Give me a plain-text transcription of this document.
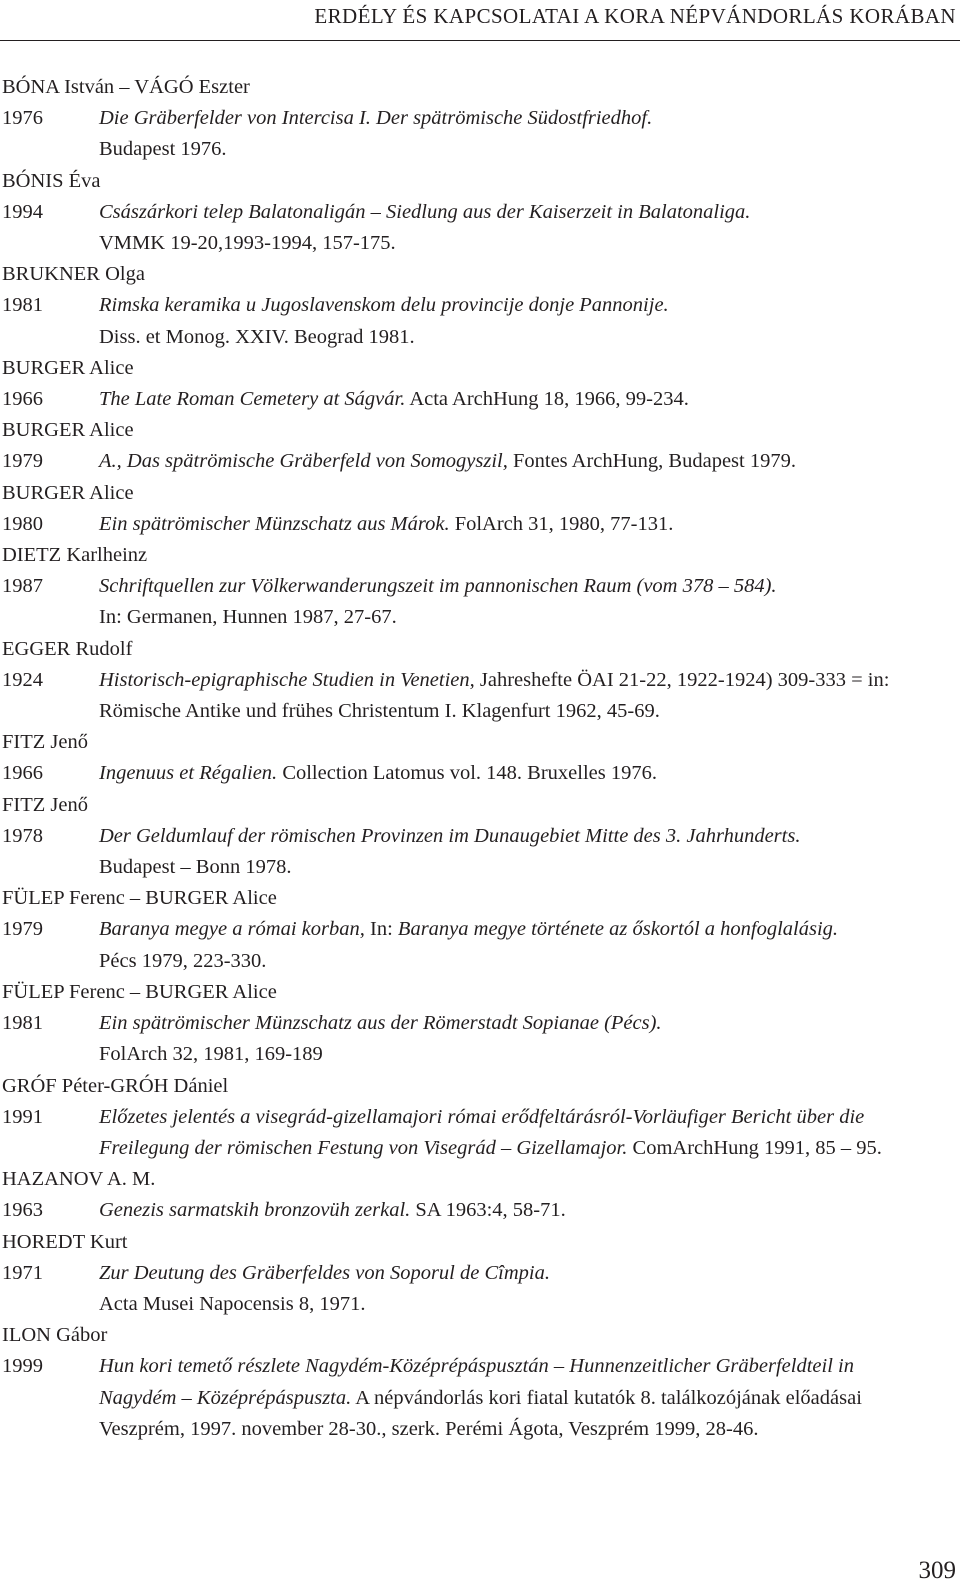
ERDÉLY ÉS KAPCSOLATAI A KORA NÉPVÁNDORLÁS KORÁBAN
BÓNA István – VÁGÓ Eszter
1976	Die Gräberfelder von Intercisa I. Der spätrömische Südostfriedhof.
Budapest 1976.
BÓNIS Éva
1994	Császárkori telep Balatonaligán – Siedlung aus der Kaiserzeit in Balatonaliga.
VMMK 19-20,1993-1994, 157-175.
BRUKNER Olga
1981	Rimska keramika u Jugoslavenskom delu provincije donje Pannonije.
Diss. et Monog. XXIV. Beograd 1981.
BURGER Alice
1966	The Late Roman Cemetery at Ságvár. Acta ArchHung 18, 1966, 99-234.
BURGER Alice
1979	A., Das spätrömische Gräberfeld von Somogyszil, Fontes ArchHung, Budapest 1979.
BURGER Alice
1980	Ein spätrömischer Münzschatz aus Márok. FolArch 31, 1980, 77-131.
DIETZ Karlheinz
1987	Schriftquellen zur Völkerwanderungszeit im pannonischen Raum (vom 378 – 584).
In: Germanen, Hunnen 1987, 27-67.
EGGER Rudolf
1924	Historisch-epigraphische Studien in Venetien, Jahreshefte ÖAI 21-22, 1922-1924) 309-333 = in:
Römische Antike und frühes Christentum I. Klagenfurt 1962, 45-69.
FITZ Jenő
1966	Ingenuus et Régalien. Collection Latomus vol. 148. Bruxelles 1976.
FITZ Jenő
1978	Der Geldumlauf der römischen Provinzen im Dunaugebiet Mitte des 3. Jahrhunderts.
Budapest – Bonn 1978.
FÜLEP Ferenc – BURGER Alice
1979	Baranya megye a római korban, In: Baranya megye története az őskortól a honfoglalásig.
Pécs 1979, 223-330.
FÜLEP Ferenc – BURGER Alice
1981	Ein spätrömischer Münzschatz aus der Römerstadt Sopianae (Pécs).
FolArch 32, 1981, 169-189
GRÓF Péter-GRÓH Dániel
1991	Előzetes jelentés a visegrád-gizellamajori római erődfeltárásról-Vorläufiger Bericht über die
Freilegung der römischen Festung von Visegrád – Gizellamajor. ComArchHung 1991, 85 – 95.
HAZANOV A. M.
1963	Genezis sarmatskih bronzovüh zerkal. SA 1963:4, 58-71.
HOREDT Kurt
1971	Zur Deutung des Gräberfeldes von Soporul de Cîmpia.
Acta Musei Napocensis 8, 1971.
ILON Gábor
1999	Hun kori temető részlete Nagydém-Középrépáspusztán – Hunnenzeitlicher Gräberfeldteil in
Nagydém – Középrépáspuszta. A népvándorlás kori fiatal kutatók 8. találkozójának előadásai
Veszprém, 1997. november 28-30., szerk. Perémi Ágota, Veszprém 1999, 28-46.
309
